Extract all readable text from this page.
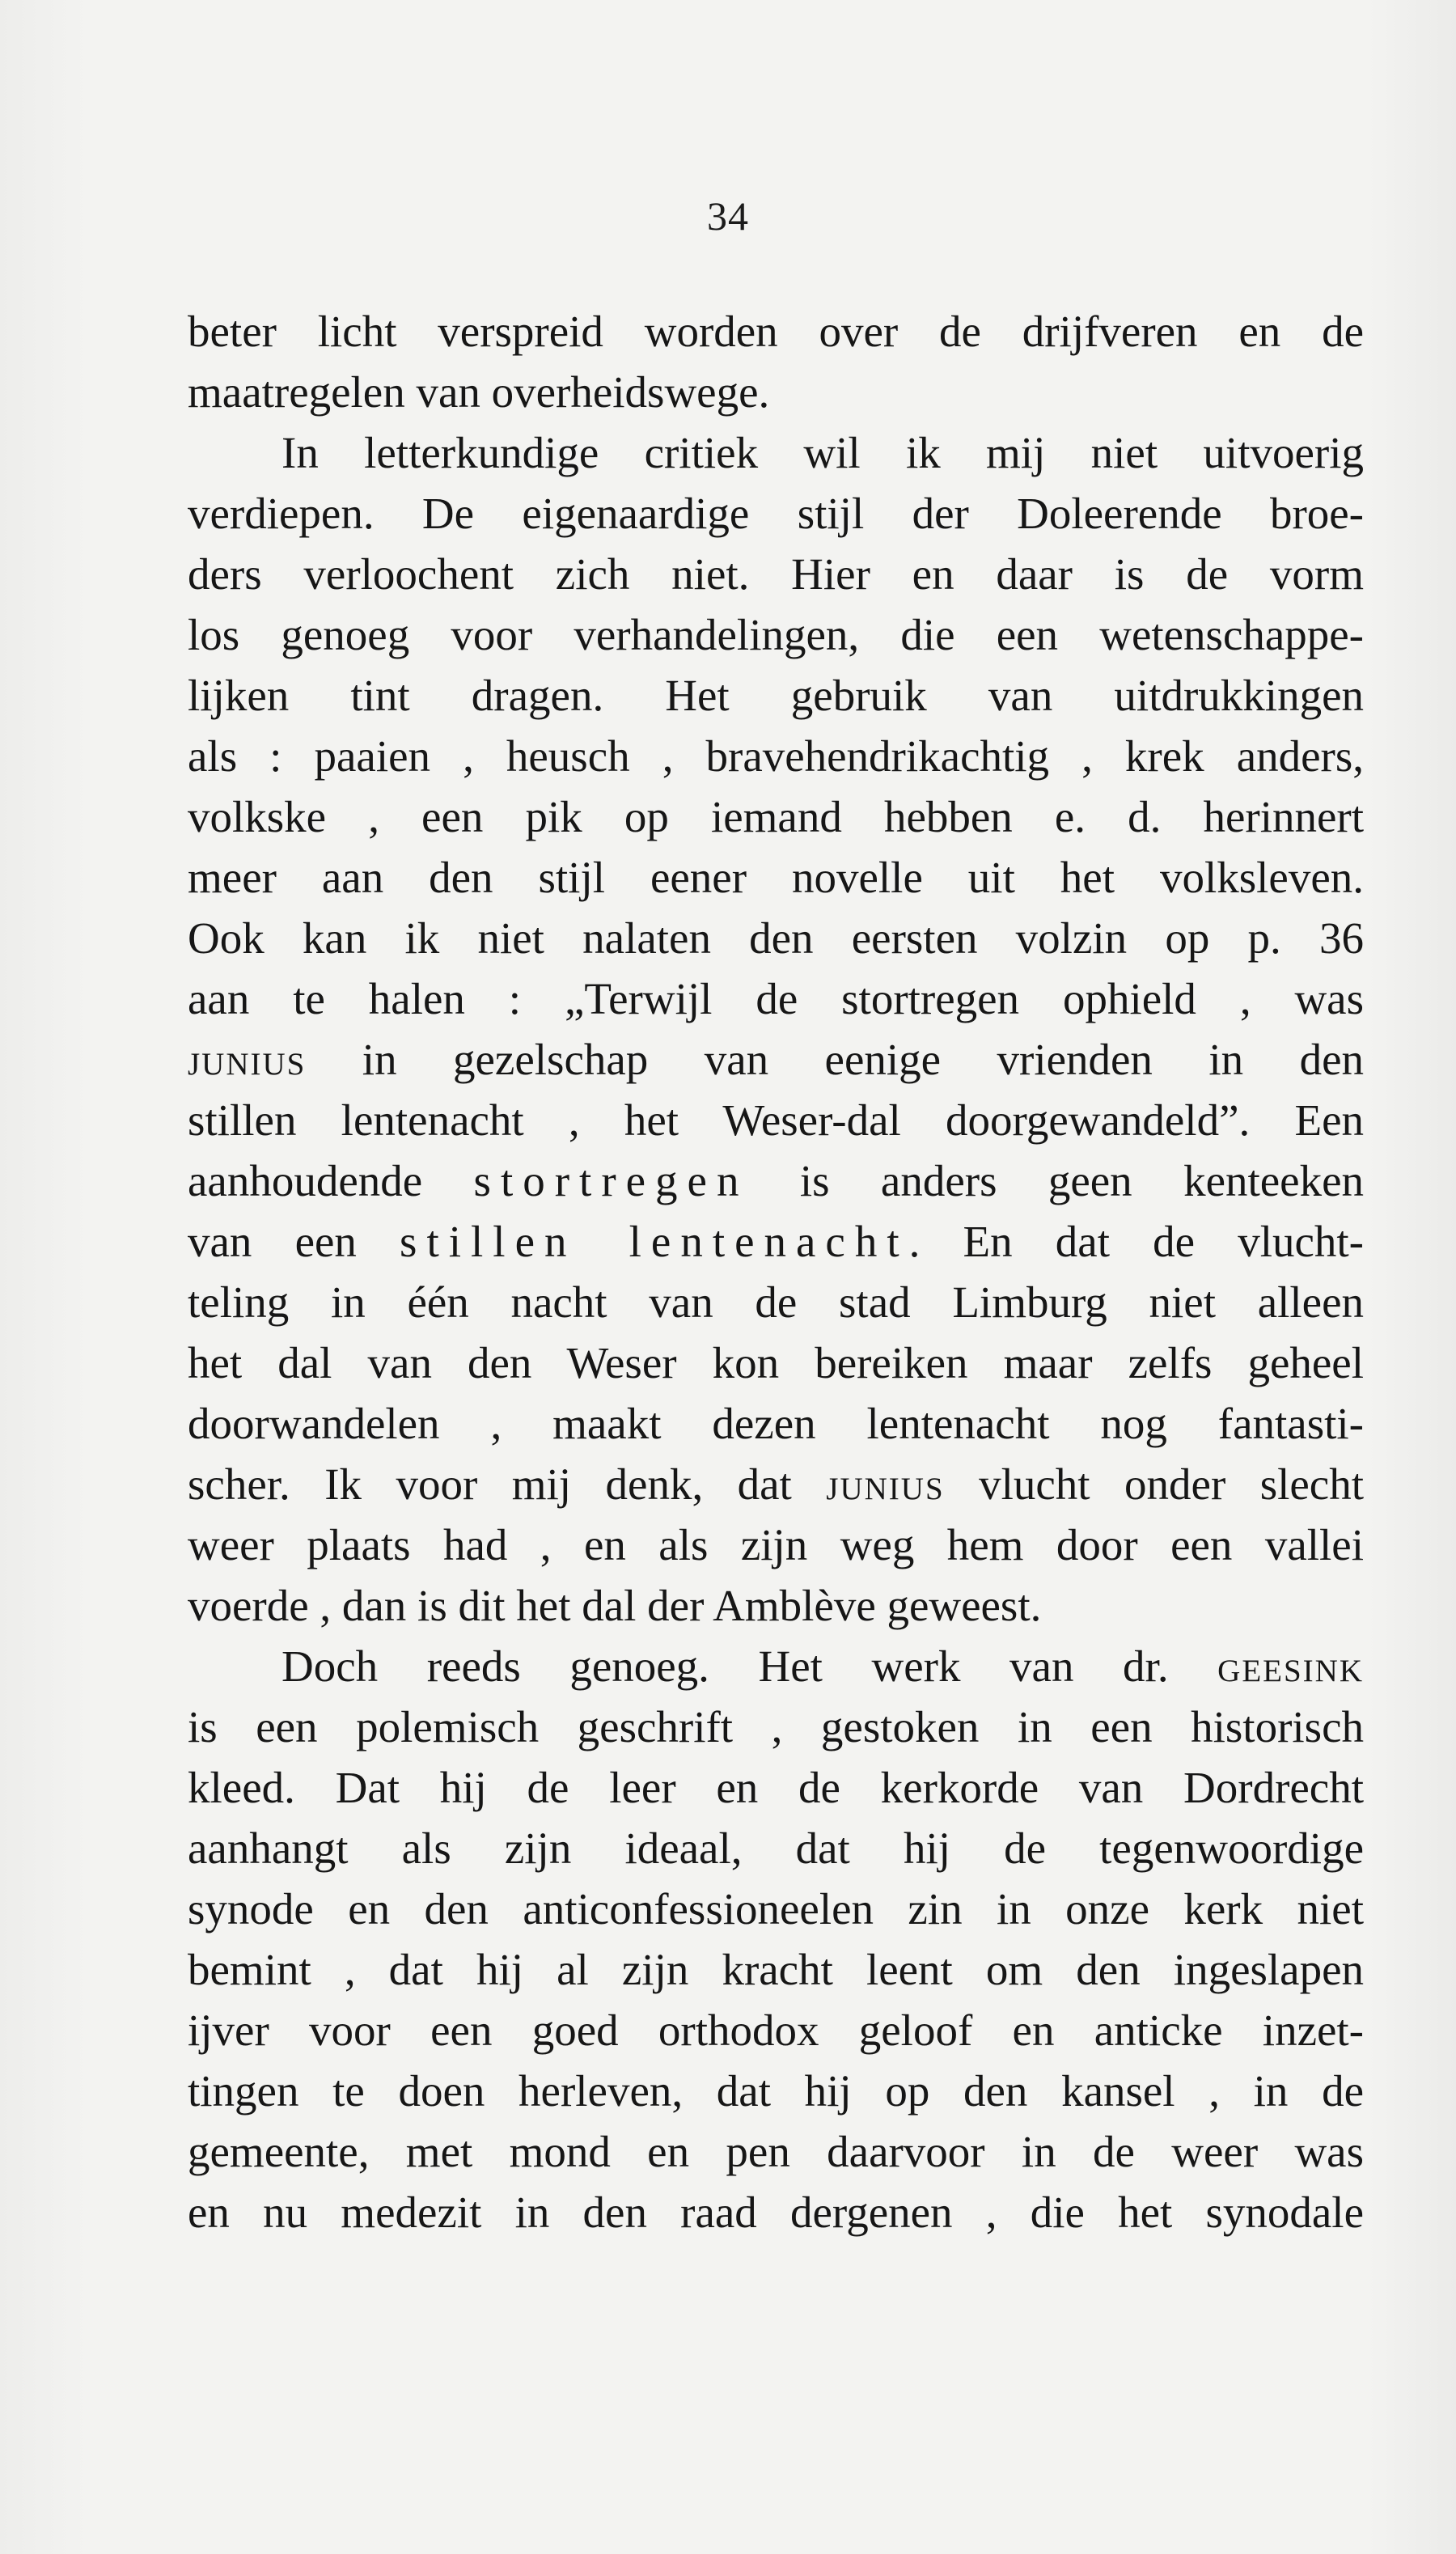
34
beter licht verspreid worden over de drijfveren en de
maatregelen van overheidswege.
In letterkundige critiek wil ik mij niet uitvoerig
verdiepen. De eigenaardige stijl der Doleerende broe-
ders verloochent zich niet. Hier en daar is de vorm
los genoeg voor verhandelingen, die een wetenschappe-
lijken tint dragen. Het gebruik van uitdrukkingen
als : paaien , heusch , bravehendrikachtig , krek anders,
volkske , een pik op iemand hebben e. d. herinnert
meer aan den stijl eener novelle uit het volksleven.
Ook kan ik niet nalaten den eersten volzin op p. 36
aan te halen : „Terwijl de stortregen ophield , was
junius in gezelschap van eenige vrienden in den
stillen lentenacht , het Weser-dal doorgewandeld”. Een
aanhoudende stortregen is anders geen kenteeken
van een stillen lentenacht. En dat de vlucht-
teling in één nacht van de stad Limburg niet alleen
het dal van den Weser kon bereiken maar zelfs geheel
doorwandelen , maakt dezen lentenacht nog fantasti-
scher. Ik voor mij denk, dat junius vlucht onder slecht
weer plaats had , en als zijn weg hem door een vallei
voerde , dan is dit het dal der Amblève geweest.
Doch reeds genoeg. Het werk van dr. geesink
is een polemisch geschrift , gestoken in een historisch
kleed. Dat hij de leer en de kerkorde van Dordrecht
aanhangt als zijn ideaal, dat hij de tegenwoordige
synode en den anticonfessioneelen zin in onze kerk niet
bemint , dat hij al zijn kracht leent om den ingeslapen
ijver voor een goed orthodox geloof en anticke inzet-
tingen te doen herleven, dat hij op den kansel , in de
gemeente, met mond en pen daarvoor in de weer was
en nu medezit in den raad dergenen , die het synodale
